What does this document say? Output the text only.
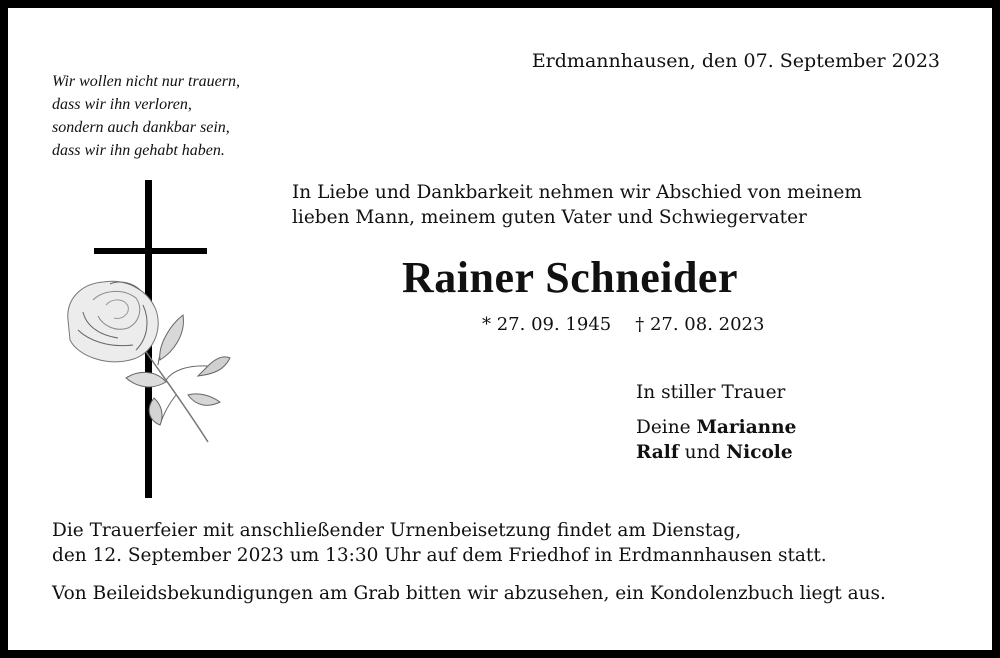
Erdmannhausen, den 07. September 2023
Wir wollen nicht nur trauern,
dass wir ihn verloren,
sondern auch dankbar sein,
dass wir ihn gehabt haben.
In Liebe und Dankbarkeit nehmen wir Abschied von meinem
lieben Mann, meinem guten Vater und Schwiegervater
Rainer Schneider
* 27. 09. 1945 † 27. 08. 2023
In stiller Trauer
Deine Marianne
Ralf und Nicole
Die Trauerfeier mit anschließender Urnenbeisetzung findet am Dienstag,
den 12. September 2023 um 13:30 Uhr auf dem Friedhof in Erdmannhausen statt.
Von Beileidsbekundigungen am Grab bitten wir abzusehen, ein Kondolenzbuch liegt aus.
